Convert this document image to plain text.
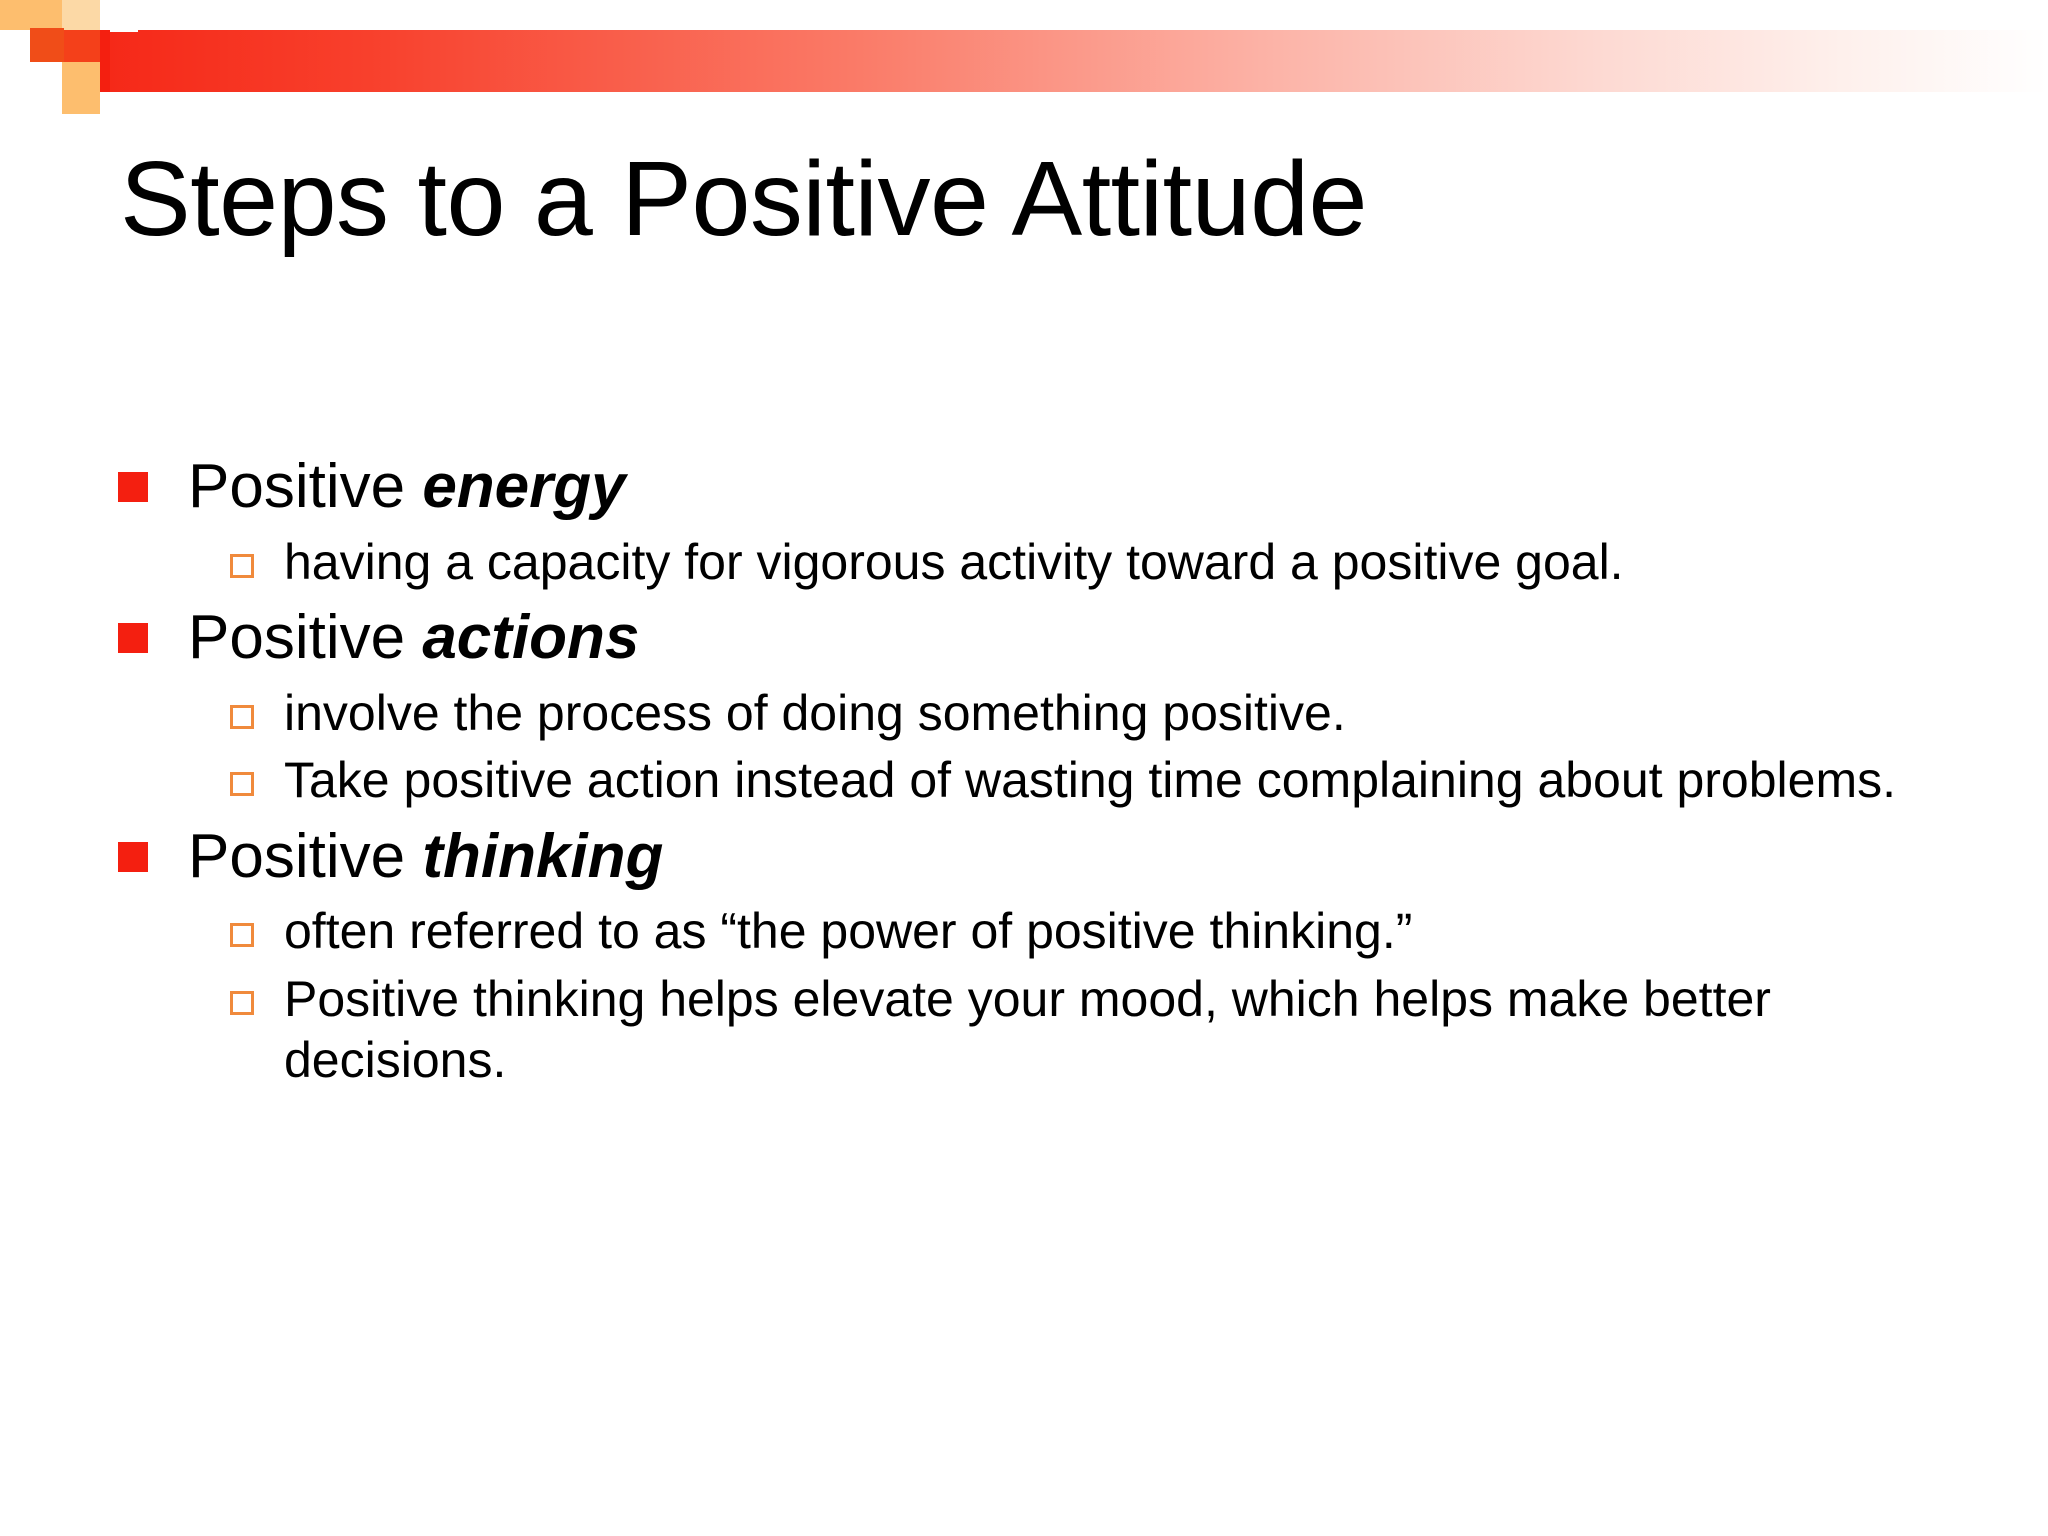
Steps to a Positive Attitude
Positive energy
having a capacity for vigorous activity toward a positive goal.
Positive actions
involve the process of doing something positive.
Take positive action instead of wasting time complaining about problems.
Positive thinking
often referred to as “the power of positive thinking.”
Positive thinking helps elevate your mood, which helps make better decisions.
